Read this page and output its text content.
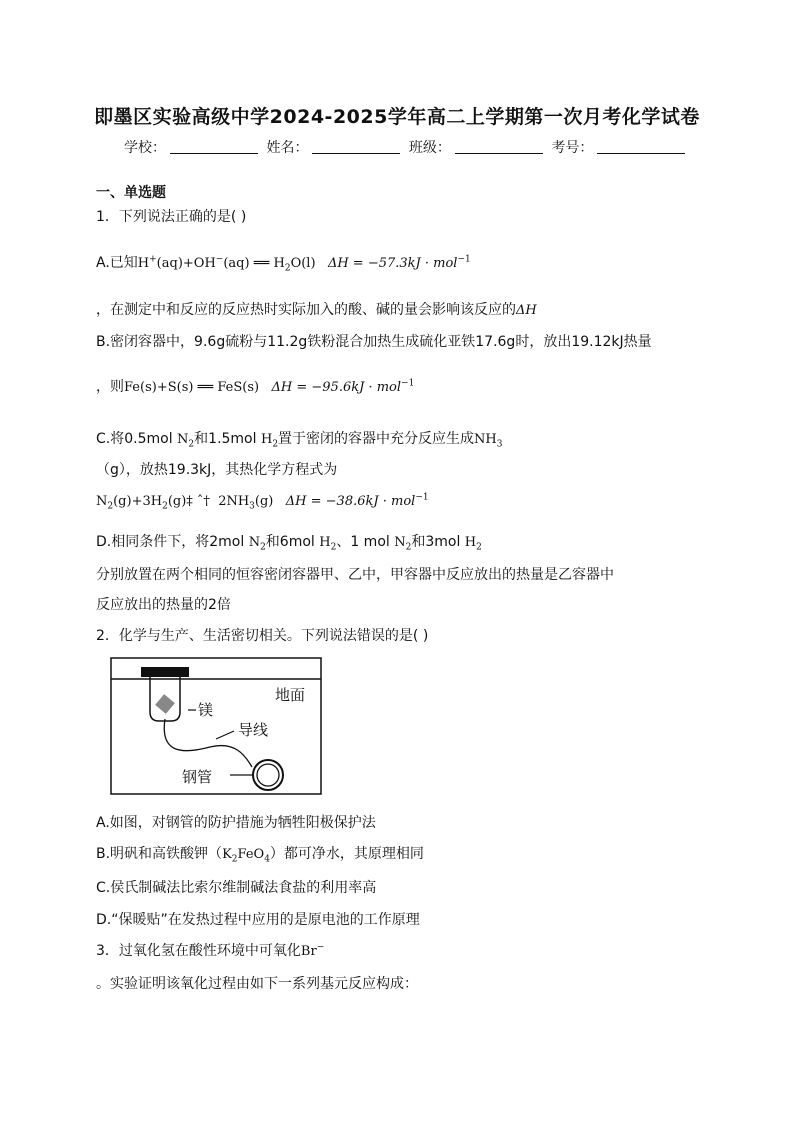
即墨区实验高级中学2024-2025学年高二上学期第一次月考化学试卷
学校：	姓名：	班级：	考号：
一、单选题
1．下列说法正确的是( )
A.已知H+(aq)+OH−(aq) ══ $H_2O(l) \Delta H = -57.3kJ \cdot mol^{-1}$
，在测定中和反应的反应热时实际加入的酸、碱的量会影响该反应的ΔH
B.密闭容器中，9.6g硫粉与11.2g铁粉混合加热生成硫化亚铁17.6g时，放出19.12kJ热量
，则Fe(s)+S(s) ══ FeS(s) ΔH = −95.6kJ · mol$^{-1}$
C.将0.5mol $N_2$和1.5mol $H_2$置于密闭的容器中充分反应生成$NH_3$
（g），放热19.3kJ，其热化学方程式为
$N_2(g)+3H_2(g)\ddagger$ ˆ† $2NH_3(g) \Delta H = -38.6kJ \cdot mol^{-1}$
D.相同条件下，将2mol $N_2$和6mol $H_2$、1 mol $N_2$和3mol $H_2$
分别放置在两个相同的恒容密闭容器甲、乙中，甲容器中反应放出的热量是乙容器中
反应放出的热量的2倍
2．化学与生产、生活密切相关。下列说法错误的是( )
地面
镁
导线
钢管
A.如图，对钢管的防护措施为牺牲阳极保护法
B.明矾和高铁酸钾$(K_2FeO_4)$都可净水，其原理相同
C.侯氏制碱法比索尔维制碱法食盐的利用率高
D.“保暖贴”在发热过程中应用的是原电池的工作原理
3．过氧化氢在酸性环境中可氧化Br−
。实验证明该氧化过程由如下一系列基元反应构成：
